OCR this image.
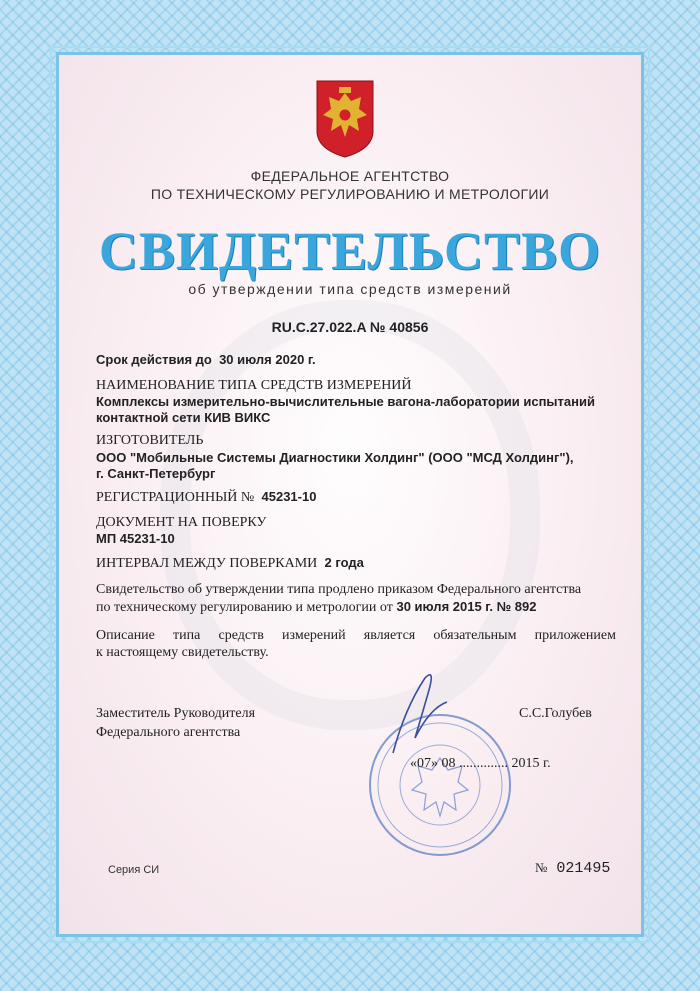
ФЕДЕРАЛЬНОЕ АГЕНТСТВО
ПО ТЕХНИЧЕСКОМУ РЕГУЛИРОВАНИЮ И МЕТРОЛОГИИ
СВИДЕТЕЛЬСТВО
об утверждении типа средств измерений
RU.C.27.022.A № 40856
Срок действия до 30 июля 2020 г.
НАИМЕНОВАНИЕ ТИПА СРЕДСТВ ИЗМЕРЕНИЙ
Комплексы измерительно-вычислительные вагона-лаборатории испытаний
контактной сети КИВ ВИКС
ИЗГОТОВИТЕЛЬ
ООО "Мобильные Системы Диагностики Холдинг" (ООО "МСД Холдинг"),
г. Санкт-Петербург
РЕГИСТРАЦИОННЫЙ № 45231-10
ДОКУМЕНТ НА ПОВЕРКУ
МП 45231-10
ИНТЕРВАЛ МЕЖДУ ПОВЕРКАМИ 2 года
Свидетельство об утверждении типа продлено приказом Федерального агентства
по техническому регулированию и метрологии от 30 июля 2015 г. № 892
Описание типа средств измерений является обязательным приложением
к настоящему свидетельству.
Заместитель Руководителя
Федерального агентства
С.С.Голубев
«07» 08 .............. 2015 г.
Серия СИ	№ 021495
